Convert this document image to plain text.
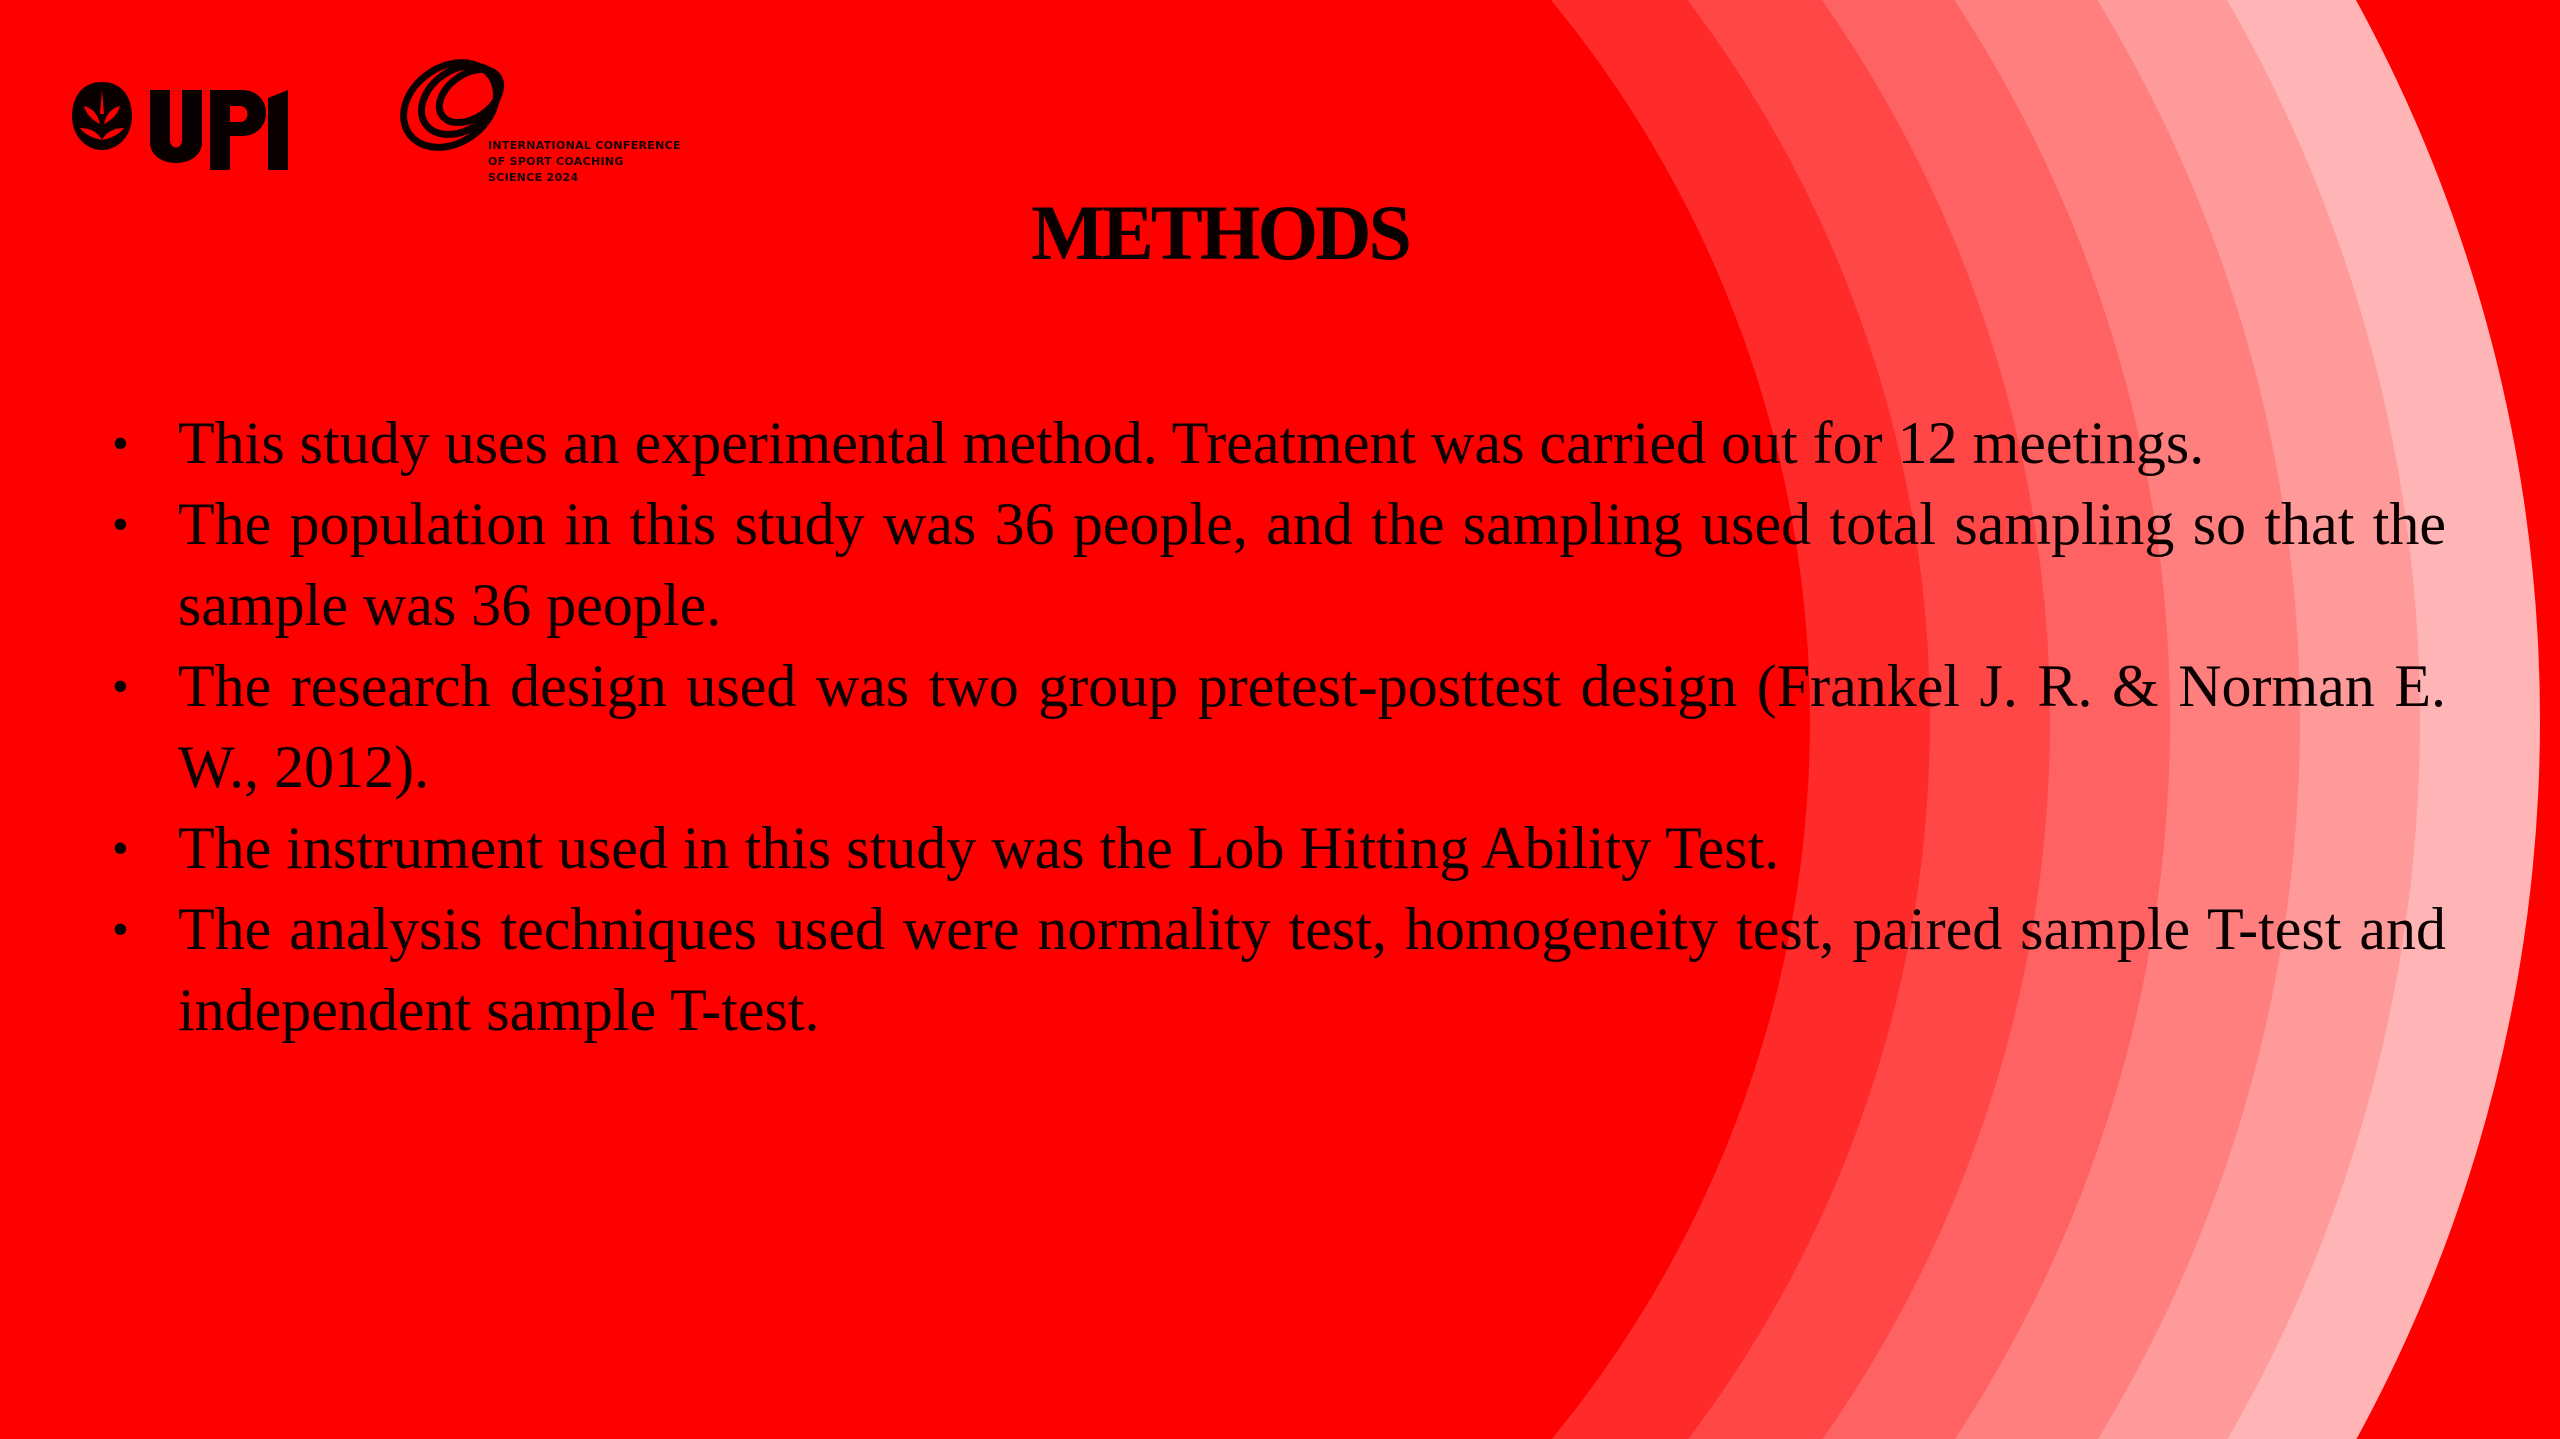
INTERNATIONAL CONFERENCE
OF SPORT COACHING
SCIENCE 2024
METHODS
• This study uses an experimental method. Treatment was carried out for 12 meetings.
• The population in this study was 36 people, and the sampling used total sampling so that the sample was 36 people.
• The research design used was two group pretest-posttest design (Frankel J. R. & Norman E. W., 2012).
• The instrument used in this study was the Lob Hitting Ability Test.
• The analysis techniques used were normality test, homogeneity test, paired sample T-test and independent sample T-test.
